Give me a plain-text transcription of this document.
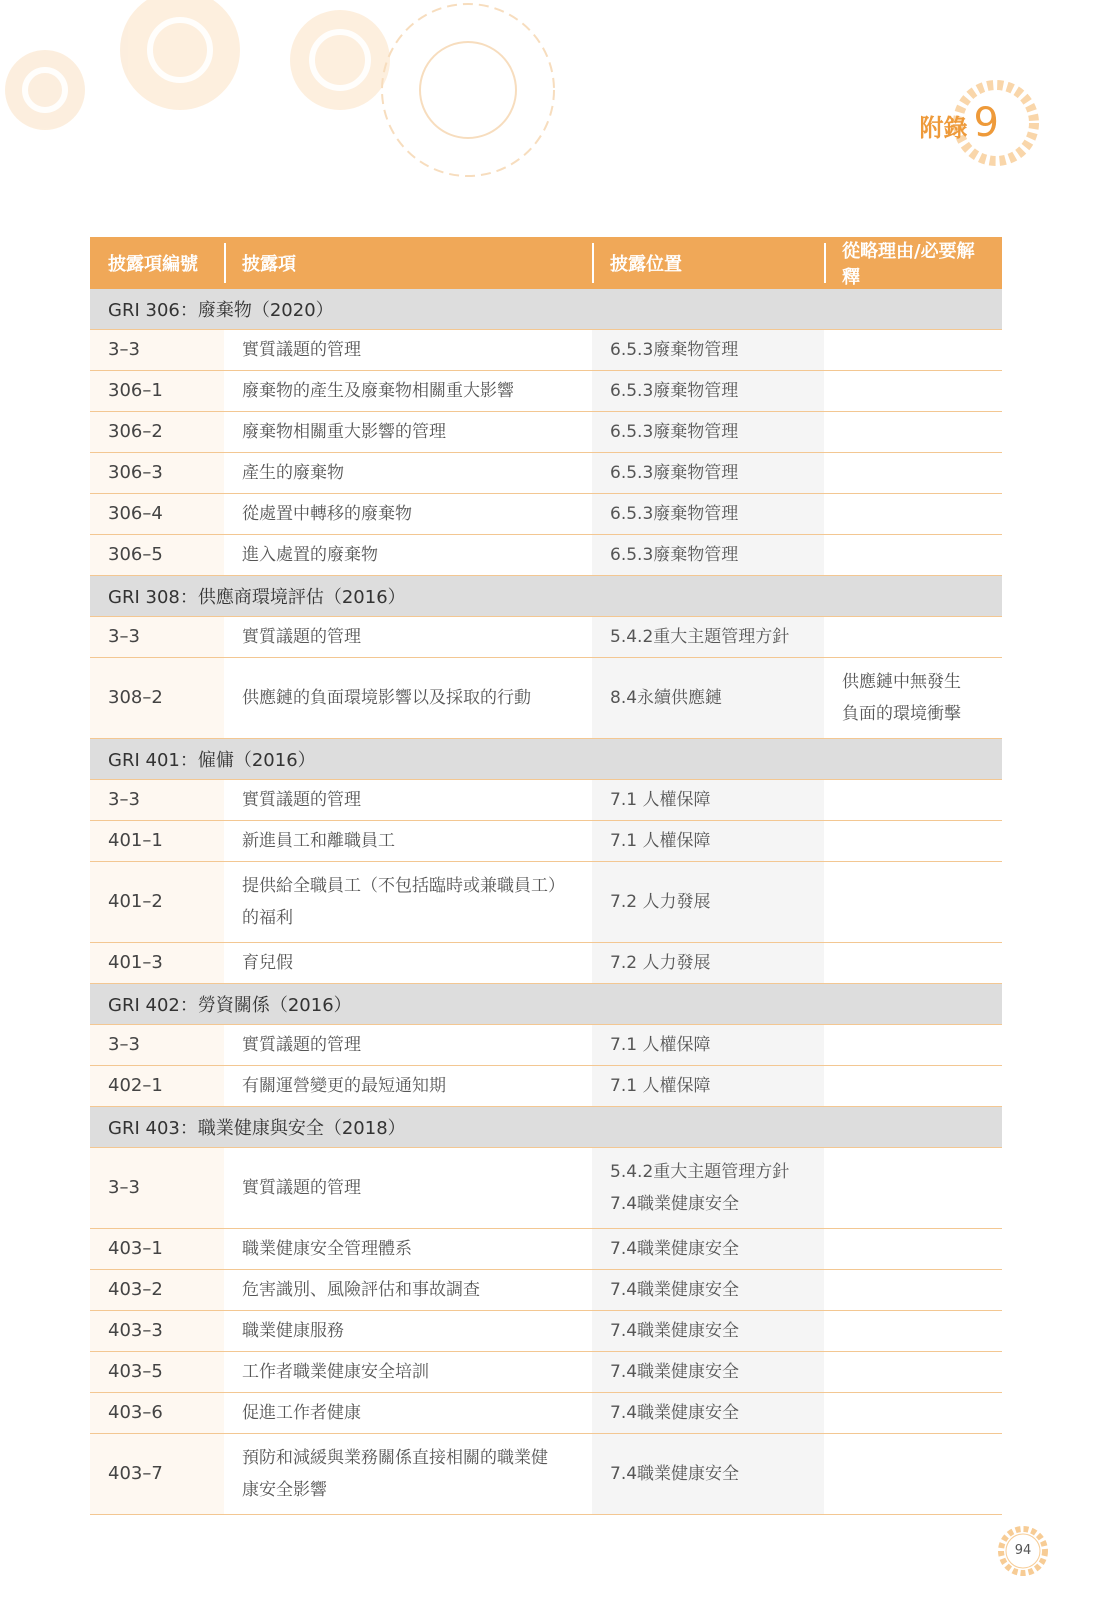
附錄 9
披露項編號	披露項	披露位置	從略理由/必要解釋
GRI 306：廢棄物（2020）			
3–3	實質議題的管理	6.5.3廢棄物管理	

306–1	廢棄物的產生及廢棄物相關重大影響	6.5.3廢棄物管理	

306–2	廢棄物相關重大影響的管理	6.5.3廢棄物管理	

306–3	產生的廢棄物	6.5.3廢棄物管理	

306–4	從處置中轉移的廢棄物	6.5.3廢棄物管理	

306–5	進入處置的廢棄物	6.5.3廢棄物管理	

GRI 308：供應商環境評估（2016）			
3–3	實質議題的管理	5.4.2重大主題管理方針	

308–2	供應鏈的負面環境影響以及採取的行動	8.4永續供應鏈	供應鏈中無發生
負面的環境衝擊

GRI 401：僱傭（2016）			
3–3	實質議題的管理	7.1 人權保障	

401–1	新進員工和離職員工	7.1 人權保障	

401–2	提供給全職員工（不包括臨時或兼職員工）
的福利	7.2 人力發展	

401–3	育兒假	7.2 人力發展	

GRI 402：勞資關係（2016）			
3–3	實質議題的管理	7.1 人權保障	

402–1	有關運營變更的最短通知期	7.1 人權保障	

GRI 403：職業健康與安全（2018）			
3–3	實質議題的管理	5.4.2重大主題管理方針
7.4職業健康安全	

403–1	職業健康安全管理體系	7.4職業健康安全	

403–2	危害識別、風險評估和事故調查	7.4職業健康安全	

403–3	職業健康服務	7.4職業健康安全	

403–5	工作者職業健康安全培訓	7.4職業健康安全	

403–6	促進工作者健康	7.4職業健康安全	

403–7	預防和減緩與業務關係直接相關的職業健
康安全影響	7.4職業健康安全	

94
